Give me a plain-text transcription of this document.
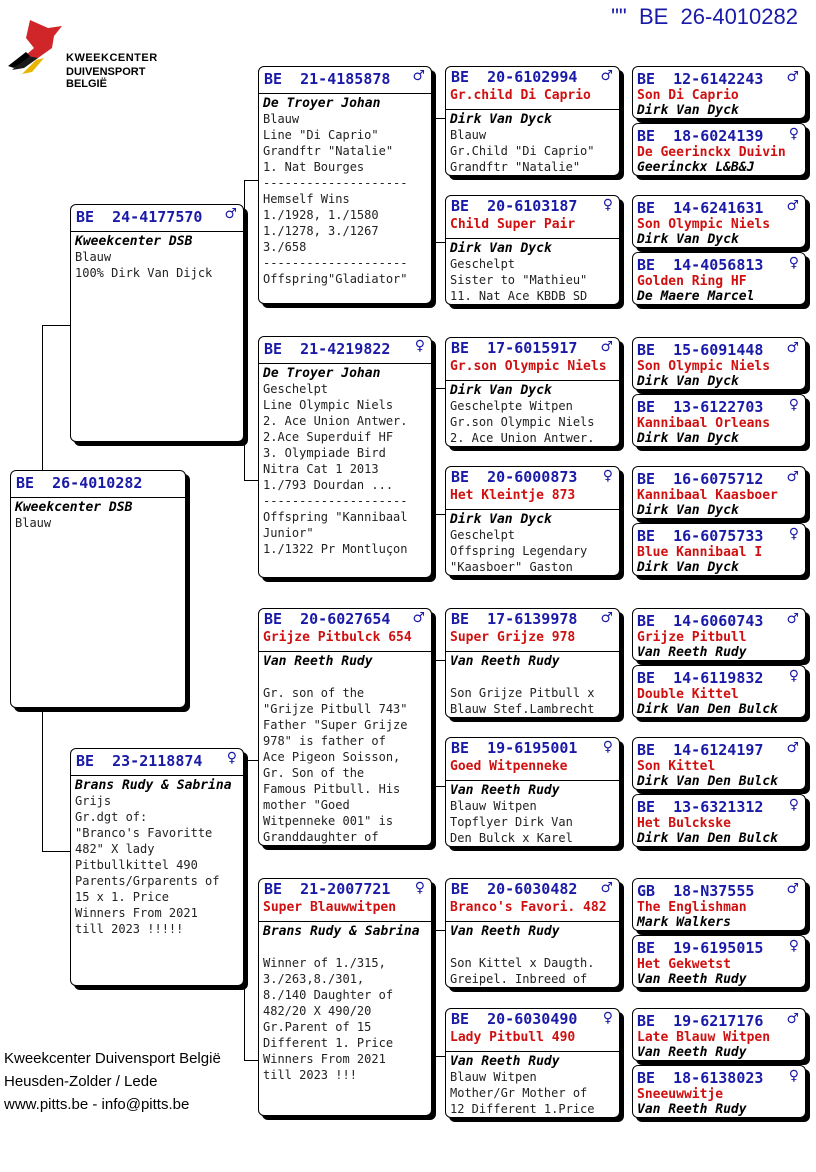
KWEEKCENTER
DUIVENSPORT BELGIË
""  BE  26-4010282
BE  26-4010282
Kweekcenter DSB
Blauw
BE  24-4177570 ♂
Kweekcenter DSB
Blauw
100% Dirk Van Dijck
BE  23-2118874 ♀
Brans Rudy & Sabrina
Grijs
Gr.dgt of:
"Branco's Favoritte
482" X lady
Pitbullkittel 490
Parents/Grparents of
15 x 1. Price
Winners From 2021
till 2023 !!!!!
BE  21-4185878 ♂
De Troyer Johan
Blauw
Line "Di Caprio"
Grandftr "Natalie"
1. Nat Bourges
--------------------
Hemself Wins
1./1928, 1./1580
1./1278, 3./1267
3./658
--------------------
Offspring"Gladiator"
BE  21-4219822 ♀
De Troyer Johan
Geschelpt
Line Olympic Niels
2. Ace Union Antwer.
2.Ace Superduif HF
3. Olympiade Bird
Nitra Cat 1 2013
1./793 Dourdan ...
--------------------
Offspring "Kannibaal
Junior"
1./1322 Pr Montluçon
BE  20-6027654 ♂
Grijze Pitbulck 654
Van Reeth Rudy

Gr. son of the
"Grijze Pitbull 743"
Father "Super Grijze
978" is father of
Ace Pigeon Soisson,
Gr. Son of the
Famous Pitbull. His
mother "Goed
Witpenneke 001" is
Granddaughter of
BE  21-2007721 ♀
Super Blauwwitpen
Brans Rudy & Sabrina

Winner of 1./315,
3./263,8./301,
8./140 Daughter of
482/20 X 490/20
Gr.Parent of 15
Different 1. Price
Winners From 2021
till 2023 !!!
BE  20-6102994 ♂
Gr.child Di Caprio
Dirk Van Dyck
Blauw
Gr.Child "Di Caprio"
Grandftr "Natalie"
BE  20-6103187 ♀
Child Super Pair
Dirk Van Dyck
Geschelpt
Sister to "Mathieu"
11. Nat Ace KBDB SD
BE  17-6015917 ♂
Gr.son Olympic Niels
Dirk Van Dyck
Geschelpte Witpen
Gr.son Olympic Niels
2. Ace Union Antwer.
BE  20-6000873 ♀
Het Kleintje 873
Dirk Van Dyck
Geschelpt
Offspring Legendary
"Kaasboer" Gaston
BE  17-6139978 ♂
Super Grijze 978
Van Reeth Rudy

Son Grijze Pitbull x
Blauw Stef.Lambrecht
BE  19-6195001 ♀
Goed Witpenneke
Van Reeth Rudy
Blauw Witpen
Topflyer Dirk Van
Den Bulck x Karel
BE  20-6030482 ♂
Branco's Favori. 482
Van Reeth Rudy

Son Kittel x Daugth.
Greipel. Inbreed of
BE  20-6030490 ♀
Lady Pitbull 490
Van Reeth Rudy
Blauw Witpen
Mother/Gr Mother of
12 Different 1.Price
BE  12-6142243	♂
Son Di Caprio
Dirk Van Dyck
BE  18-6024139	♀
De Geerinckx Duivin
Geerinckx L&B&J
BE  14-6241631	♂
Son Olympic Niels
Dirk Van Dyck
BE  14-4056813	♀
Golden Ring HF
De Maere Marcel
BE  15-6091448	♂
Son Olympic Niels
Dirk Van Dyck
BE  13-6122703	♀
Kannibaal Orleans
Dirk Van Dyck
BE  16-6075712	♂
Kannibaal Kaasboer
Dirk Van Dyck
BE  16-6075733	♀
Blue Kannibaal I
Dirk Van Dyck
BE  14-6060743	♂
Grijze Pitbull
Van Reeth Rudy
BE  14-6119832	♀
Double Kittel
Dirk Van Den Bulck
BE  14-6124197	♂
Son Kittel
Dirk Van Den Bulck
BE  13-6321312	♀
Het Bulckske
Dirk Van Den Bulck
GB  18-N37555	♂
The Englishman
Mark Walkers
BE  19-6195015	♀
Het Gekwetst
Van Reeth Rudy
BE  19-6217176	♂
Late Blauw Witpen
Van Reeth Rudy
BE  18-6138023	♀
Sneeuwwitje
Van Reeth Rudy
Kweekcenter Duivensport België
Heusden-Zolder / Lede
www.pitts.be - info@pitts.be
